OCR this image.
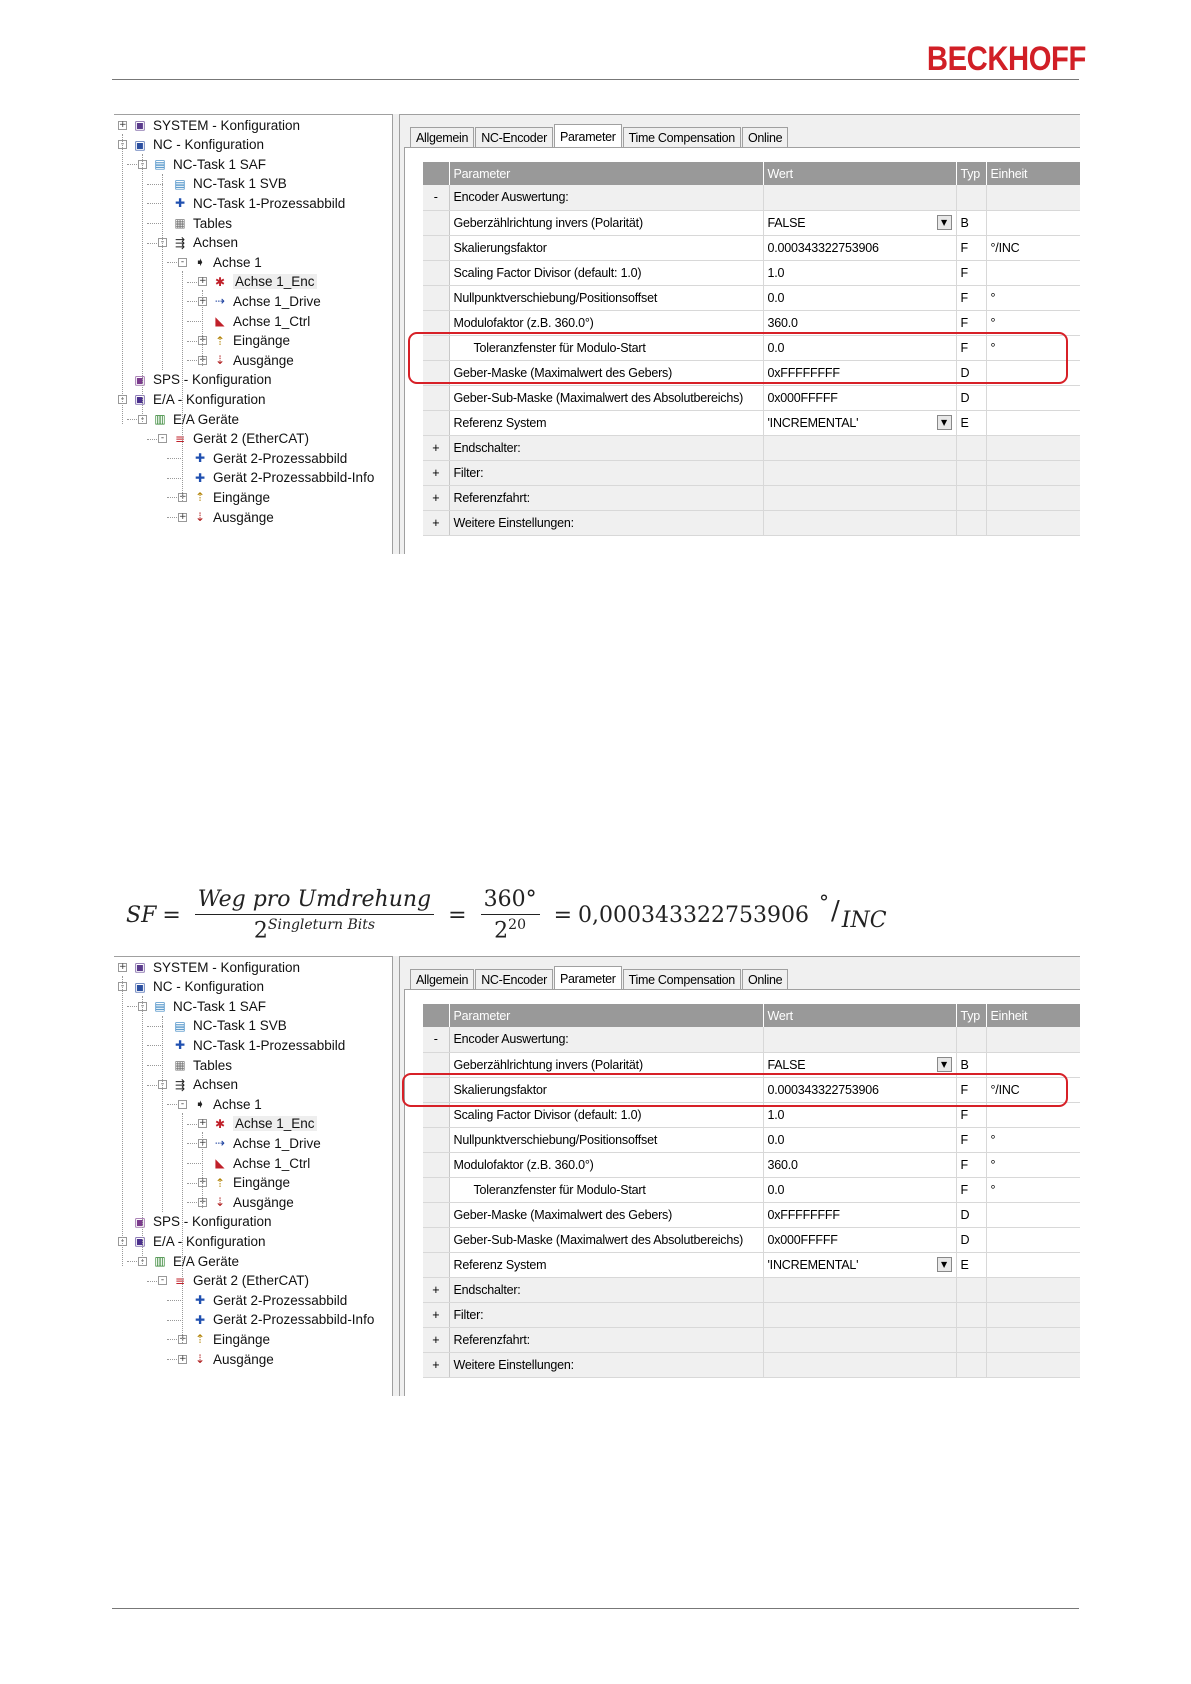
BECKHOFF
+ ▣ SYSTEM - Konfiguration
- ▣ NC - Konfiguration
- ▤ NC-Task 1 SAF
▤ NC-Task 1 SVB
✚ NC-Task 1-Prozessabbild
▦ Tables
- ⇶ Achsen
- ➧ Achse 1
+ ✱ Achse 1_Enc
+ ⇢ Achse 1_Drive
◣ Achse 1_Ctrl
+ ⇡ Eingänge
+ ⇣ Ausgänge
▣ SPS - Konfiguration
- ▣ E/A - Konfiguration
- ▥ E/A Geräte
- ≡ Gerät 2 (EtherCAT)
✚ Gerät 2-Prozessabbild
✚ Gerät 2-Prozessabbild-Info
+ ⇡ Eingänge
+ ⇣ Ausgänge
Allgemein	NC-Encoder	Parameter	Time Compensation	Online
	Parameter	Wert	Typ	Einheit
-	Encoder Auswertung:			
	Geberzählrichtung invers (Polarität)	FALSE ▼	B	
	Skalierungsfaktor	0.000343322753906	F	°/INC
	Scaling Factor Divisor (default: 1.0)	1.0	F	
	Nullpunktverschiebung/Positionsoffset	0.0	F	°
	Modulofaktor (z.B. 360.0°)	360.0	F	°
	Toleranzfenster für Modulo-Start	0.0	F	°
	Geber-Maske (Maximalwert des Gebers)	0xFFFFFFFF	D	
	Geber-Sub-Maske (Maximalwert des Absolutbereichs)	0x000FFFFF	D	
	Referenz System	'INCREMENTAL' ▼	E	
+	Endschalter:			
+	Filter:			
+	Referenzfahrt:			
+	Weitere Einstellungen:			
SF = $\frac{\text{Weg pro Umdrehung}}{2^{Singleturn Bits}} = \frac{360^\circ}{2^{20}} = 0,000343322753906$
° / INC
+ ▣ SYSTEM - Konfiguration
- ▣ NC - Konfiguration
- ▤ NC-Task 1 SAF
▤ NC-Task 1 SVB
✚ NC-Task 1-Prozessabbild
▦ Tables
- ⇶ Achsen
- ➧ Achse 1
+ ✱ Achse 1_Enc
+ ⇢ Achse 1_Drive
◣ Achse 1_Ctrl
+ ⇡ Eingänge
+ ⇣ Ausgänge
▣ SPS - Konfiguration
- ▣ E/A - Konfiguration
- ▥ E/A Geräte
- ≡ Gerät 2 (EtherCAT)
✚ Gerät 2-Prozessabbild
✚ Gerät 2-Prozessabbild-Info
+ ⇡ Eingänge
+ ⇣ Ausgänge
Allgemein	NC-Encoder	Parameter	Time Compensation	Online
	Parameter	Wert	Typ	Einheit
-	Encoder Auswertung:			
	Geberzählrichtung invers (Polarität)	FALSE ▼	B	
	Skalierungsfaktor	0.000343322753906	F	°/INC
	Scaling Factor Divisor (default: 1.0)	1.0	F	
	Nullpunktverschiebung/Positionsoffset	0.0	F	°
	Modulofaktor (z.B. 360.0°)	360.0	F	°
	Toleranzfenster für Modulo-Start	0.0	F	°
	Geber-Maske (Maximalwert des Gebers)	0xFFFFFFFF	D	
	Geber-Sub-Maske (Maximalwert des Absolutbereichs)	0x000FFFFF	D	
	Referenz System	'INCREMENTAL' ▼	E	
+	Endschalter:			
+	Filter:			
+	Referenzfahrt:			
+	Weitere Einstellungen:			
